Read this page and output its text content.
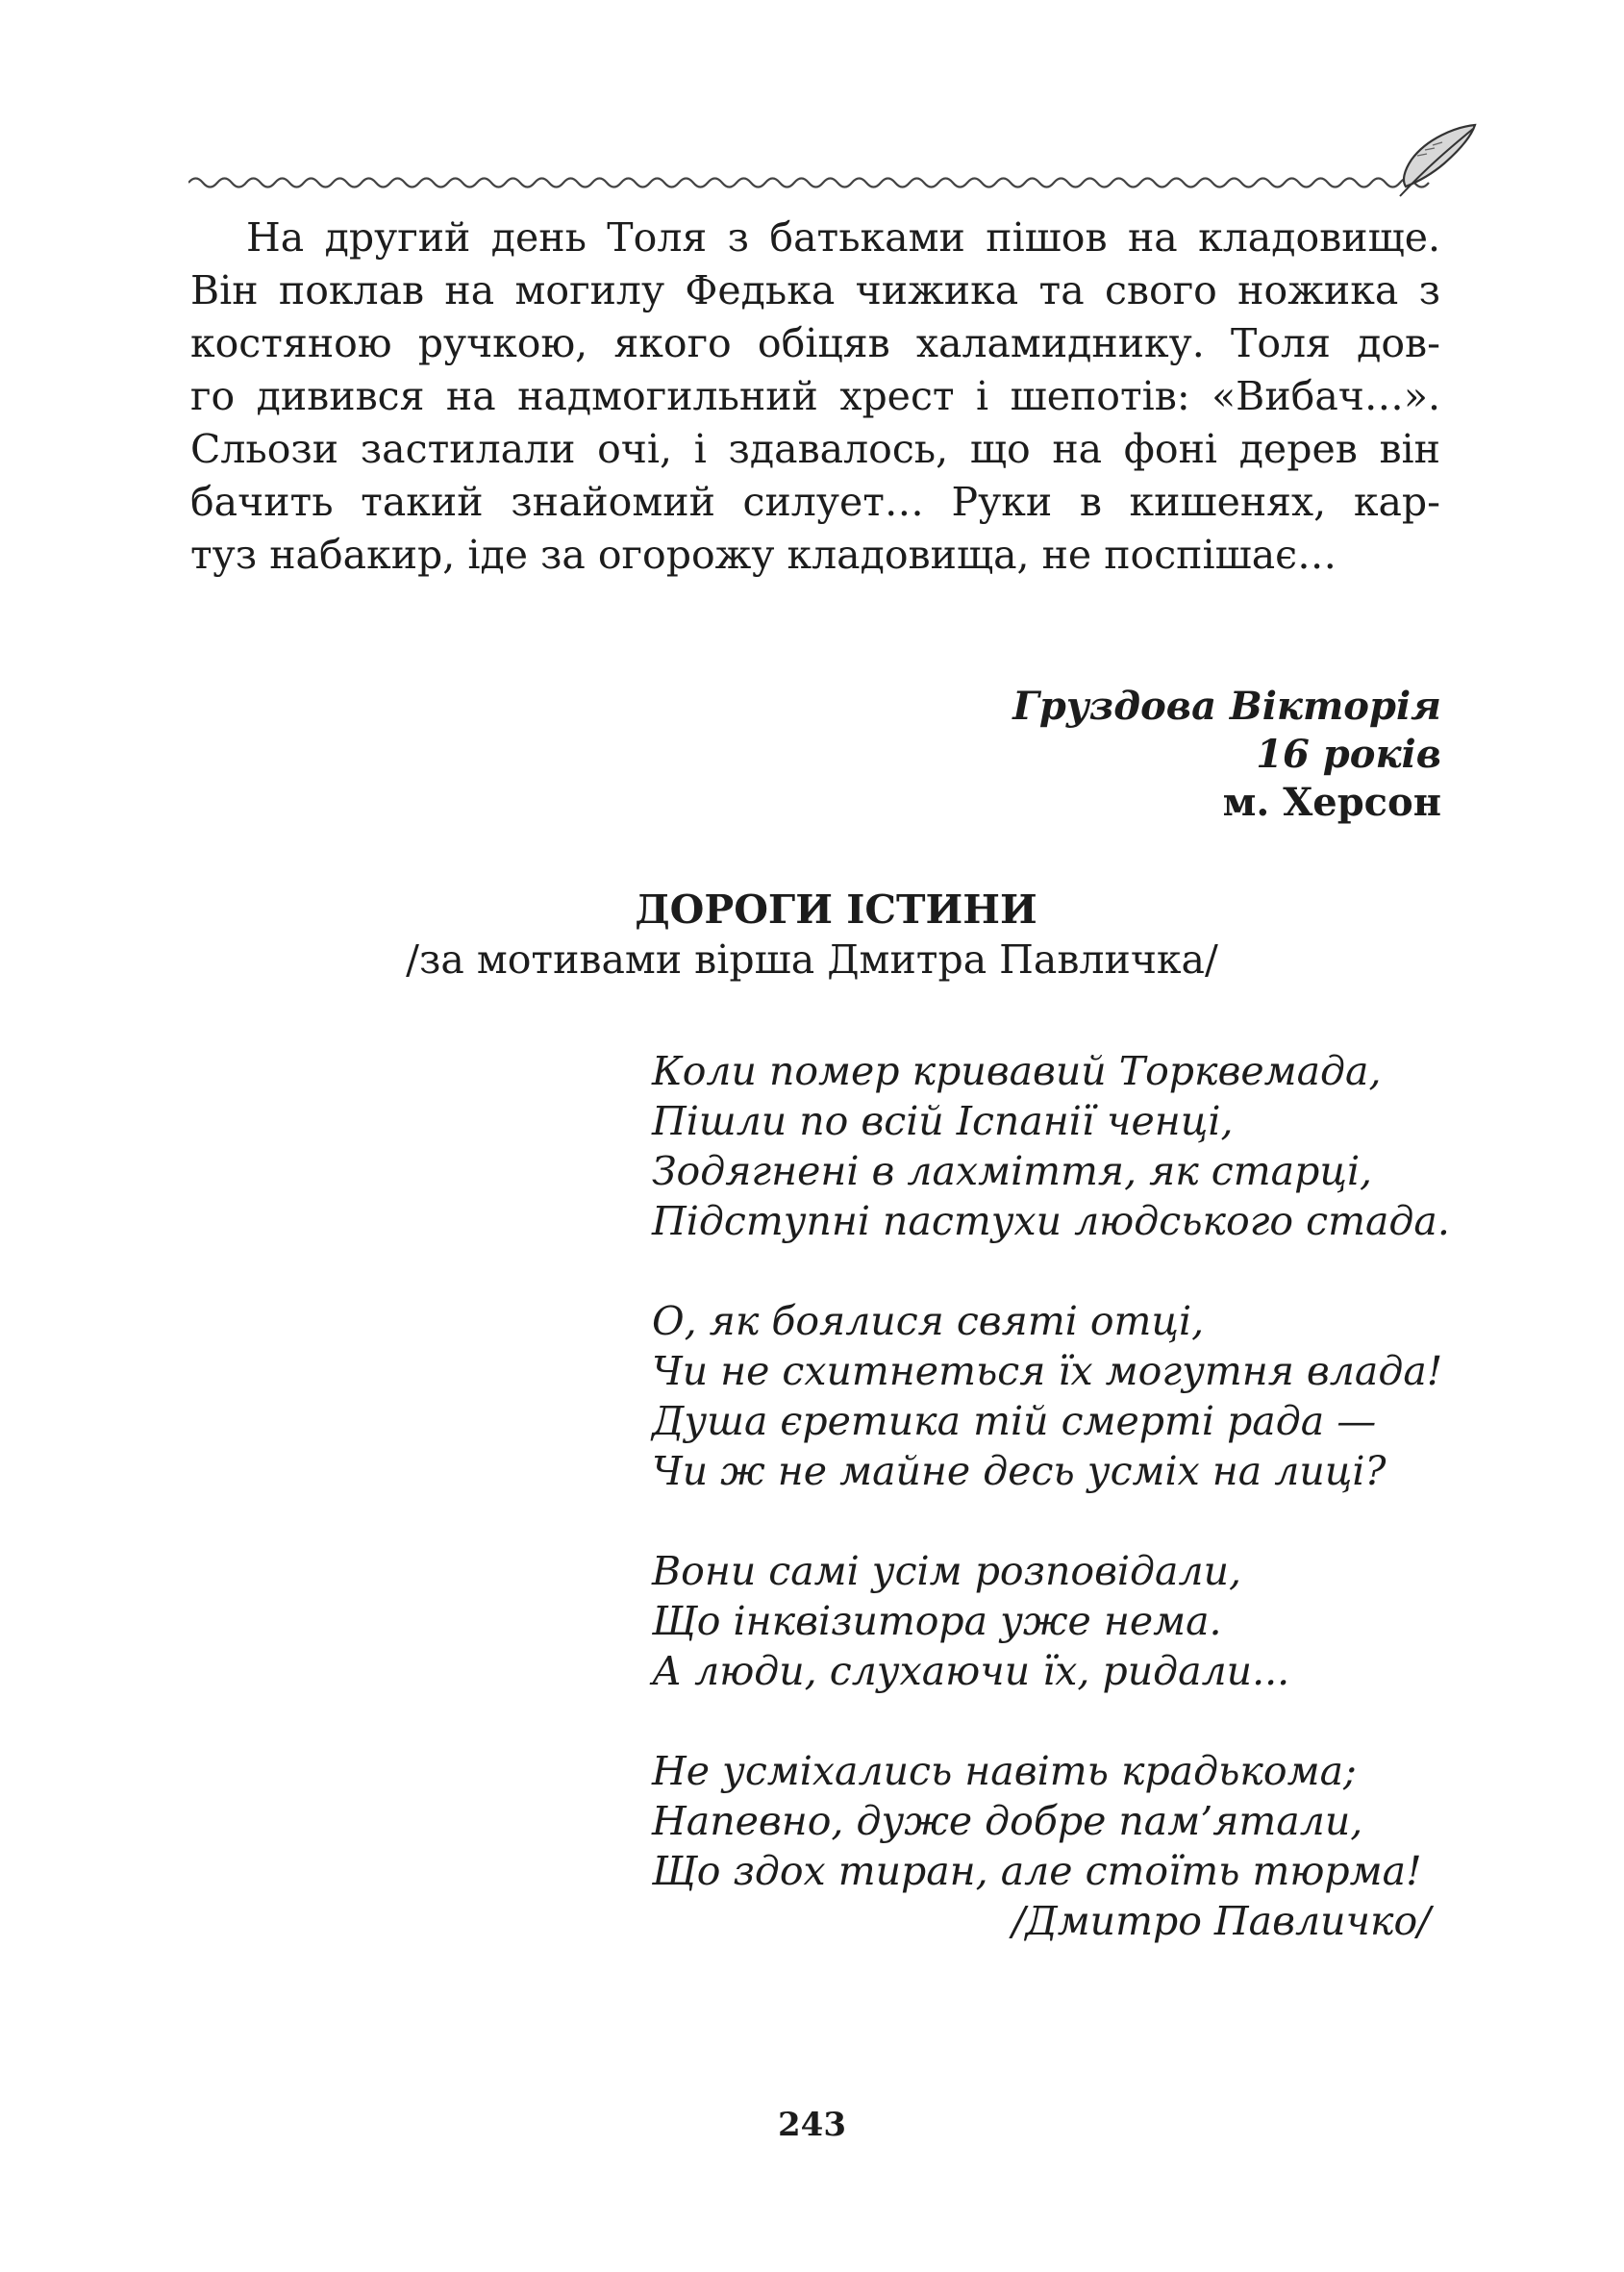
На другий день Толя з батьками пішов на кладовище.
Він поклав на могилу Федька чижика та свого ножика з
костяною ручкою, якого обіцяв халамиднику. Толя дов-
го дивився на надмогильний хрест і шепотів: «Вибач…».
Сльози застилали очі, і здавалось, що на фоні дерев він
бачить такий знайомий силует… Руки в кишенях, кар-
туз набакир, іде за огорожу кладовища, не поспішає…
Груздова Вікторія
16 років
м. Херсон
ДОРОГИ ІСТИНИ
/за мотивами вірша Дмитра Павличка/
Коли помер кривавий Торквемада,
Пішли по всій Іспанії ченці,
Зодягнені в лахміття, як старці,
Підступні пастухи людського стада.
О, як боялися святі отці,
Чи не схитнеться їх могутня влада!
Душа єретика тій смерті рада —
Чи ж не майне десь усміх на лиці?
Вони самі усім розповідали,
Що інквізитора уже нема.
А люди, слухаючи їх, ридали...
Не усміхались навіть крадькома;
Напевно, дуже добре пам’ятали,
Що здох тиран, але стоїть тюрма!
/Дмитро Павличко/
243
